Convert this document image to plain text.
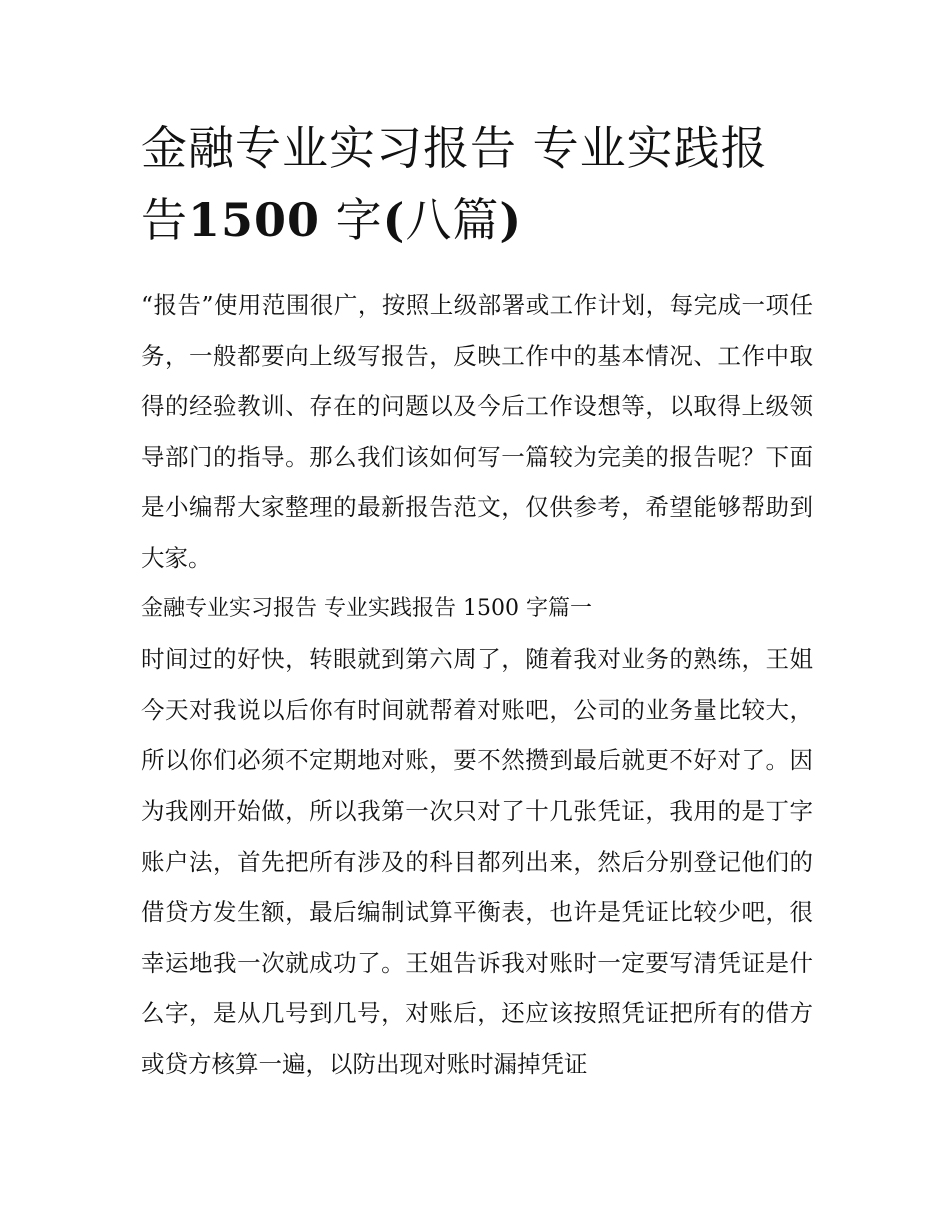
金融专业实习报告 专业实践报
告1500 字(八篇)

“报告”使用范围很广，按照上级部署或工作计划，每完成一项任务，一般都要向上级写报告，反映工作中的基本情况、工作中取得的经验教训、存在的问题以及今后工作设想等，以取得上级领导部门的指导。那么我们该如何写一篇较为完美的报告呢？下面是小编帮大家整理的最新报告范文，仅供参考，希望能够帮助到大家。

金融专业实习报告 专业实践报告 1500 字篇一

时间过的好快，转眼就到第六周了，随着我对业务的熟练，王姐今天对我说以后你有时间就帮着对账吧，公司的业务量比较大，所以你们必须不定期地对账，要不然攒到最后就更不好对了。因为我刚开始做，所以我第一次只对了十几张凭证，我用的是丁字账户法，首先把所有涉及的科目都列出来，然后分别登记他们的借贷方发生额，最后编制试算平衡表，也许是凭证比较少吧，很幸运地我一次就成功了。王姐告诉我对账时一定要写清凭证是什么字，是从几号到几号，对账后，还应该按照凭证把所有的借方或贷方核算一遍，以防出现对账时漏掉凭证
